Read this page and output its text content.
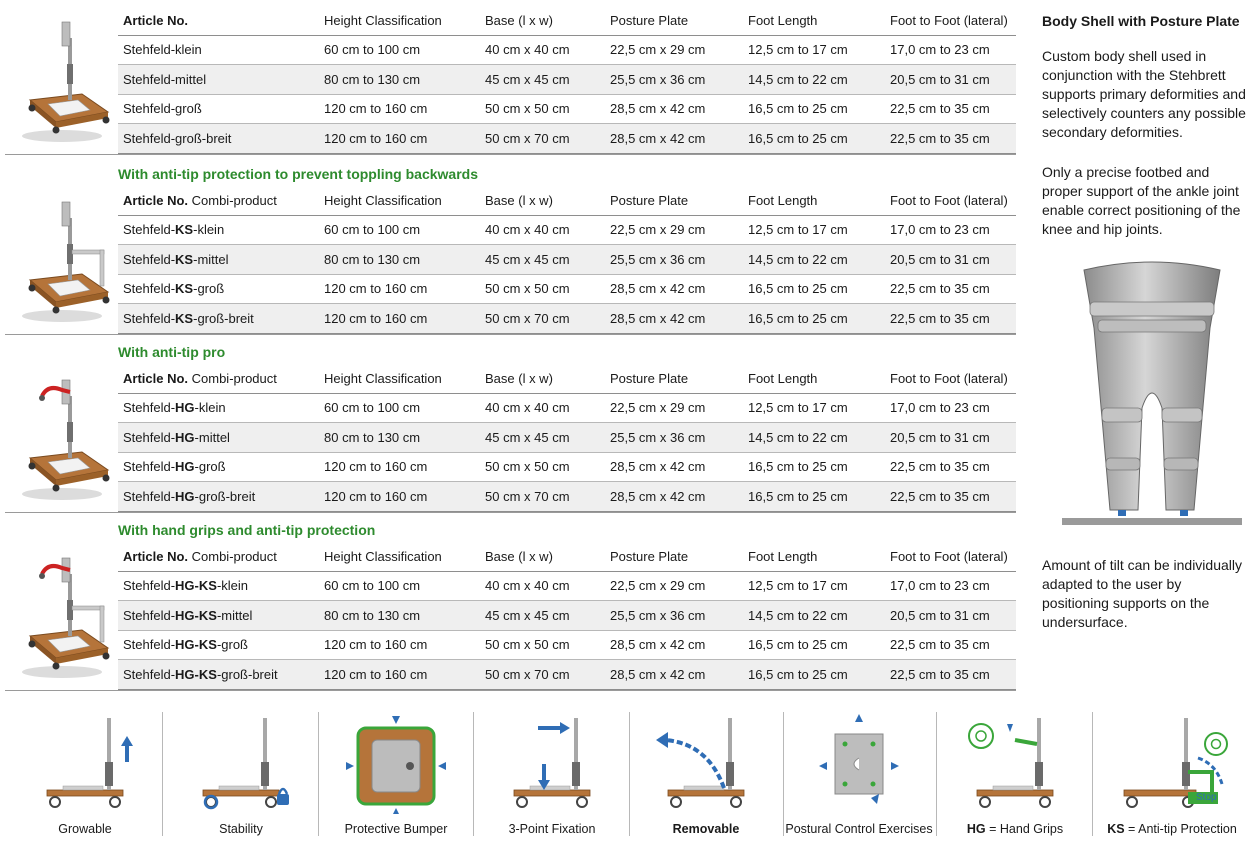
Article No.	Height Classification	Base (l x w)	Posture Plate	Foot Length	Foot to Foot (lateral)
Stehfeld-klein	60 cm to 100 cm	40 cm x 40 cm	22,5 cm x 29 cm	12,5 cm to 17 cm	17,0 cm to 23 cm
Stehfeld-mittel	80 cm to 130 cm	45 cm x 45 cm	25,5 cm x 36 cm	14,5 cm to 22 cm	20,5 cm to 31 cm
Stehfeld-groß	120 cm to 160 cm	50 cm x 50 cm	28,5 cm x 42 cm	16,5 cm to 25 cm	22,5 cm to 35 cm
Stehfeld-groß-breit	120 cm to 160 cm	50 cm x 70 cm	28,5 cm x 42 cm	16,5 cm to 25 cm	22,5 cm to 35 cm
With anti-tip protection to prevent toppling backwards
Article No. Combi-product	Height Classification	Base (l x w)	Posture Plate	Foot Length	Foot to Foot (lateral)
Stehfeld-KS-klein	60 cm to 100 cm	40 cm x 40 cm	22,5 cm x 29 cm	12,5 cm to 17 cm	17,0 cm to 23 cm
Stehfeld-KS-mittel	80 cm to 130 cm	45 cm x 45 cm	25,5 cm x 36 cm	14,5 cm to 22 cm	20,5 cm to 31 cm
Stehfeld-KS-groß	120 cm to 160 cm	50 cm x 50 cm	28,5 cm x 42 cm	16,5 cm to 25 cm	22,5 cm to 35 cm
Stehfeld-KS-groß-breit	120 cm to 160 cm	50 cm x 70 cm	28,5 cm x 42 cm	16,5 cm to 25 cm	22,5 cm to 35 cm
With anti-tip pro
Article No. Combi-product	Height Classification	Base (l x w)	Posture Plate	Foot Length	Foot to Foot (lateral)
Stehfeld-HG-klein	60 cm to 100 cm	40 cm x 40 cm	22,5 cm x 29 cm	12,5 cm to 17 cm	17,0 cm to 23 cm
Stehfeld-HG-mittel	80 cm to 130 cm	45 cm x 45 cm	25,5 cm x 36 cm	14,5 cm to 22 cm	20,5 cm to 31 cm
Stehfeld-HG-groß	120 cm to 160 cm	50 cm x 50 cm	28,5 cm x 42 cm	16,5 cm to 25 cm	22,5 cm to 35 cm
Stehfeld-HG-groß-breit	120 cm to 160 cm	50 cm x 70 cm	28,5 cm x 42 cm	16,5 cm to 25 cm	22,5 cm to 35 cm
With hand grips and anti-tip protection
Article No. Combi-product	Height Classification	Base (l x w)	Posture Plate	Foot Length	Foot to Foot (lateral)
Stehfeld-HG-KS-klein	60 cm to 100 cm	40 cm x 40 cm	22,5 cm x 29 cm	12,5 cm to 17 cm	17,0 cm to 23 cm
Stehfeld-HG-KS-mittel	80 cm to 130 cm	45 cm x 45 cm	25,5 cm x 36 cm	14,5 cm to 22 cm	20,5 cm to 31 cm
Stehfeld-HG-KS-groß	120 cm to 160 cm	50 cm x 50 cm	28,5 cm x 42 cm	16,5 cm to 25 cm	22,5 cm to 35 cm
Stehfeld-HG-KS-groß-breit	120 cm to 160 cm	50 cm x 70 cm	28,5 cm x 42 cm	16,5 cm to 25 cm	22,5 cm to 35 cm
Body Shell with Posture Plate
Custom body shell used in conjunction with the Stehbrett supports primary deformities and selectively counters any possible secondary deformities.
Only a precise footbed and proper support of the ankle joint enable correct positioning of the knee and hip joints.
Amount of tilt can be individually adapted to the user by positioning supports on the undersurface.
Growable	Stability	Protective Bumper	3-Point Fixation	Removable	Postural Control Exercises	HG = Hand Grips
Stop
KS = Anti-tip Protection
